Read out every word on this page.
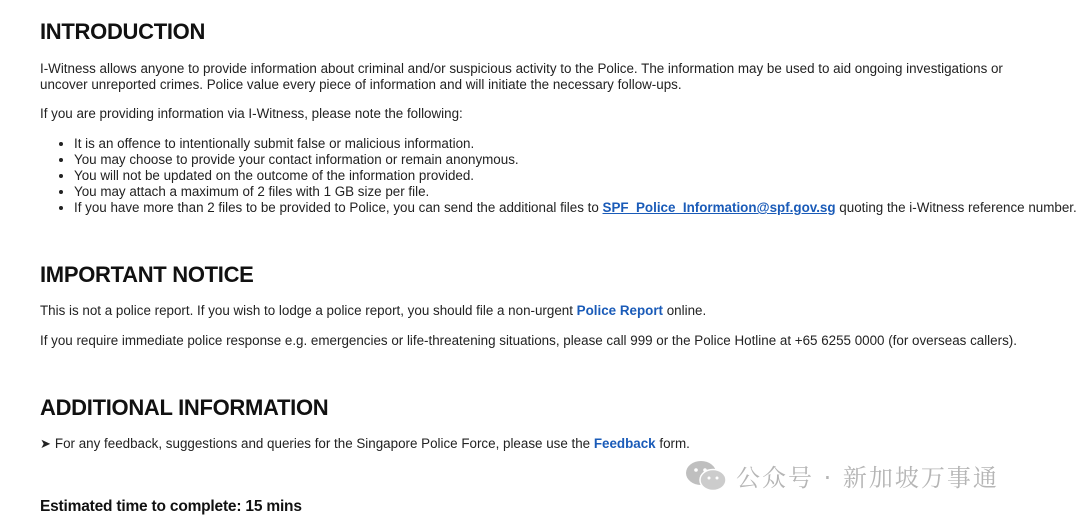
INTRODUCTION

I-Witness allows anyone to provide information about criminal and/or suspicious activity to the Police. The information may be used to aid ongoing investigations or uncover unreported crimes. Police value every piece of information and will initiate the necessary follow-ups.

If you are providing information via I-Witness, please note the following:

• It is an offence to intentionally submit false or malicious information.
• You may choose to provide your contact information or remain anonymous.
• You will not be updated on the outcome of the information provided.
• You may attach a maximum of 2 files with 1 GB size per file.
• If you have more than 2 files to be provided to Police, you can send the additional files to SPF_Police_Information@spf.gov.sg quoting the i-Witness reference number.
IMPORTANT NOTICE

This is not a police report. If you wish to lodge a police report, you should file a non-urgent Police Report online.

If you require immediate police response e.g. emergencies or life-threatening situations, please call 999 or the Police Hotline at +65 6255 0000 (for overseas callers).

ADDITIONAL INFORMATION

➤ For any feedback, suggestions and queries for the Singapore Police Force, please use the Feedback form.

Estimated time to complete: 15 mins
公众号 · 新加坡万事通
